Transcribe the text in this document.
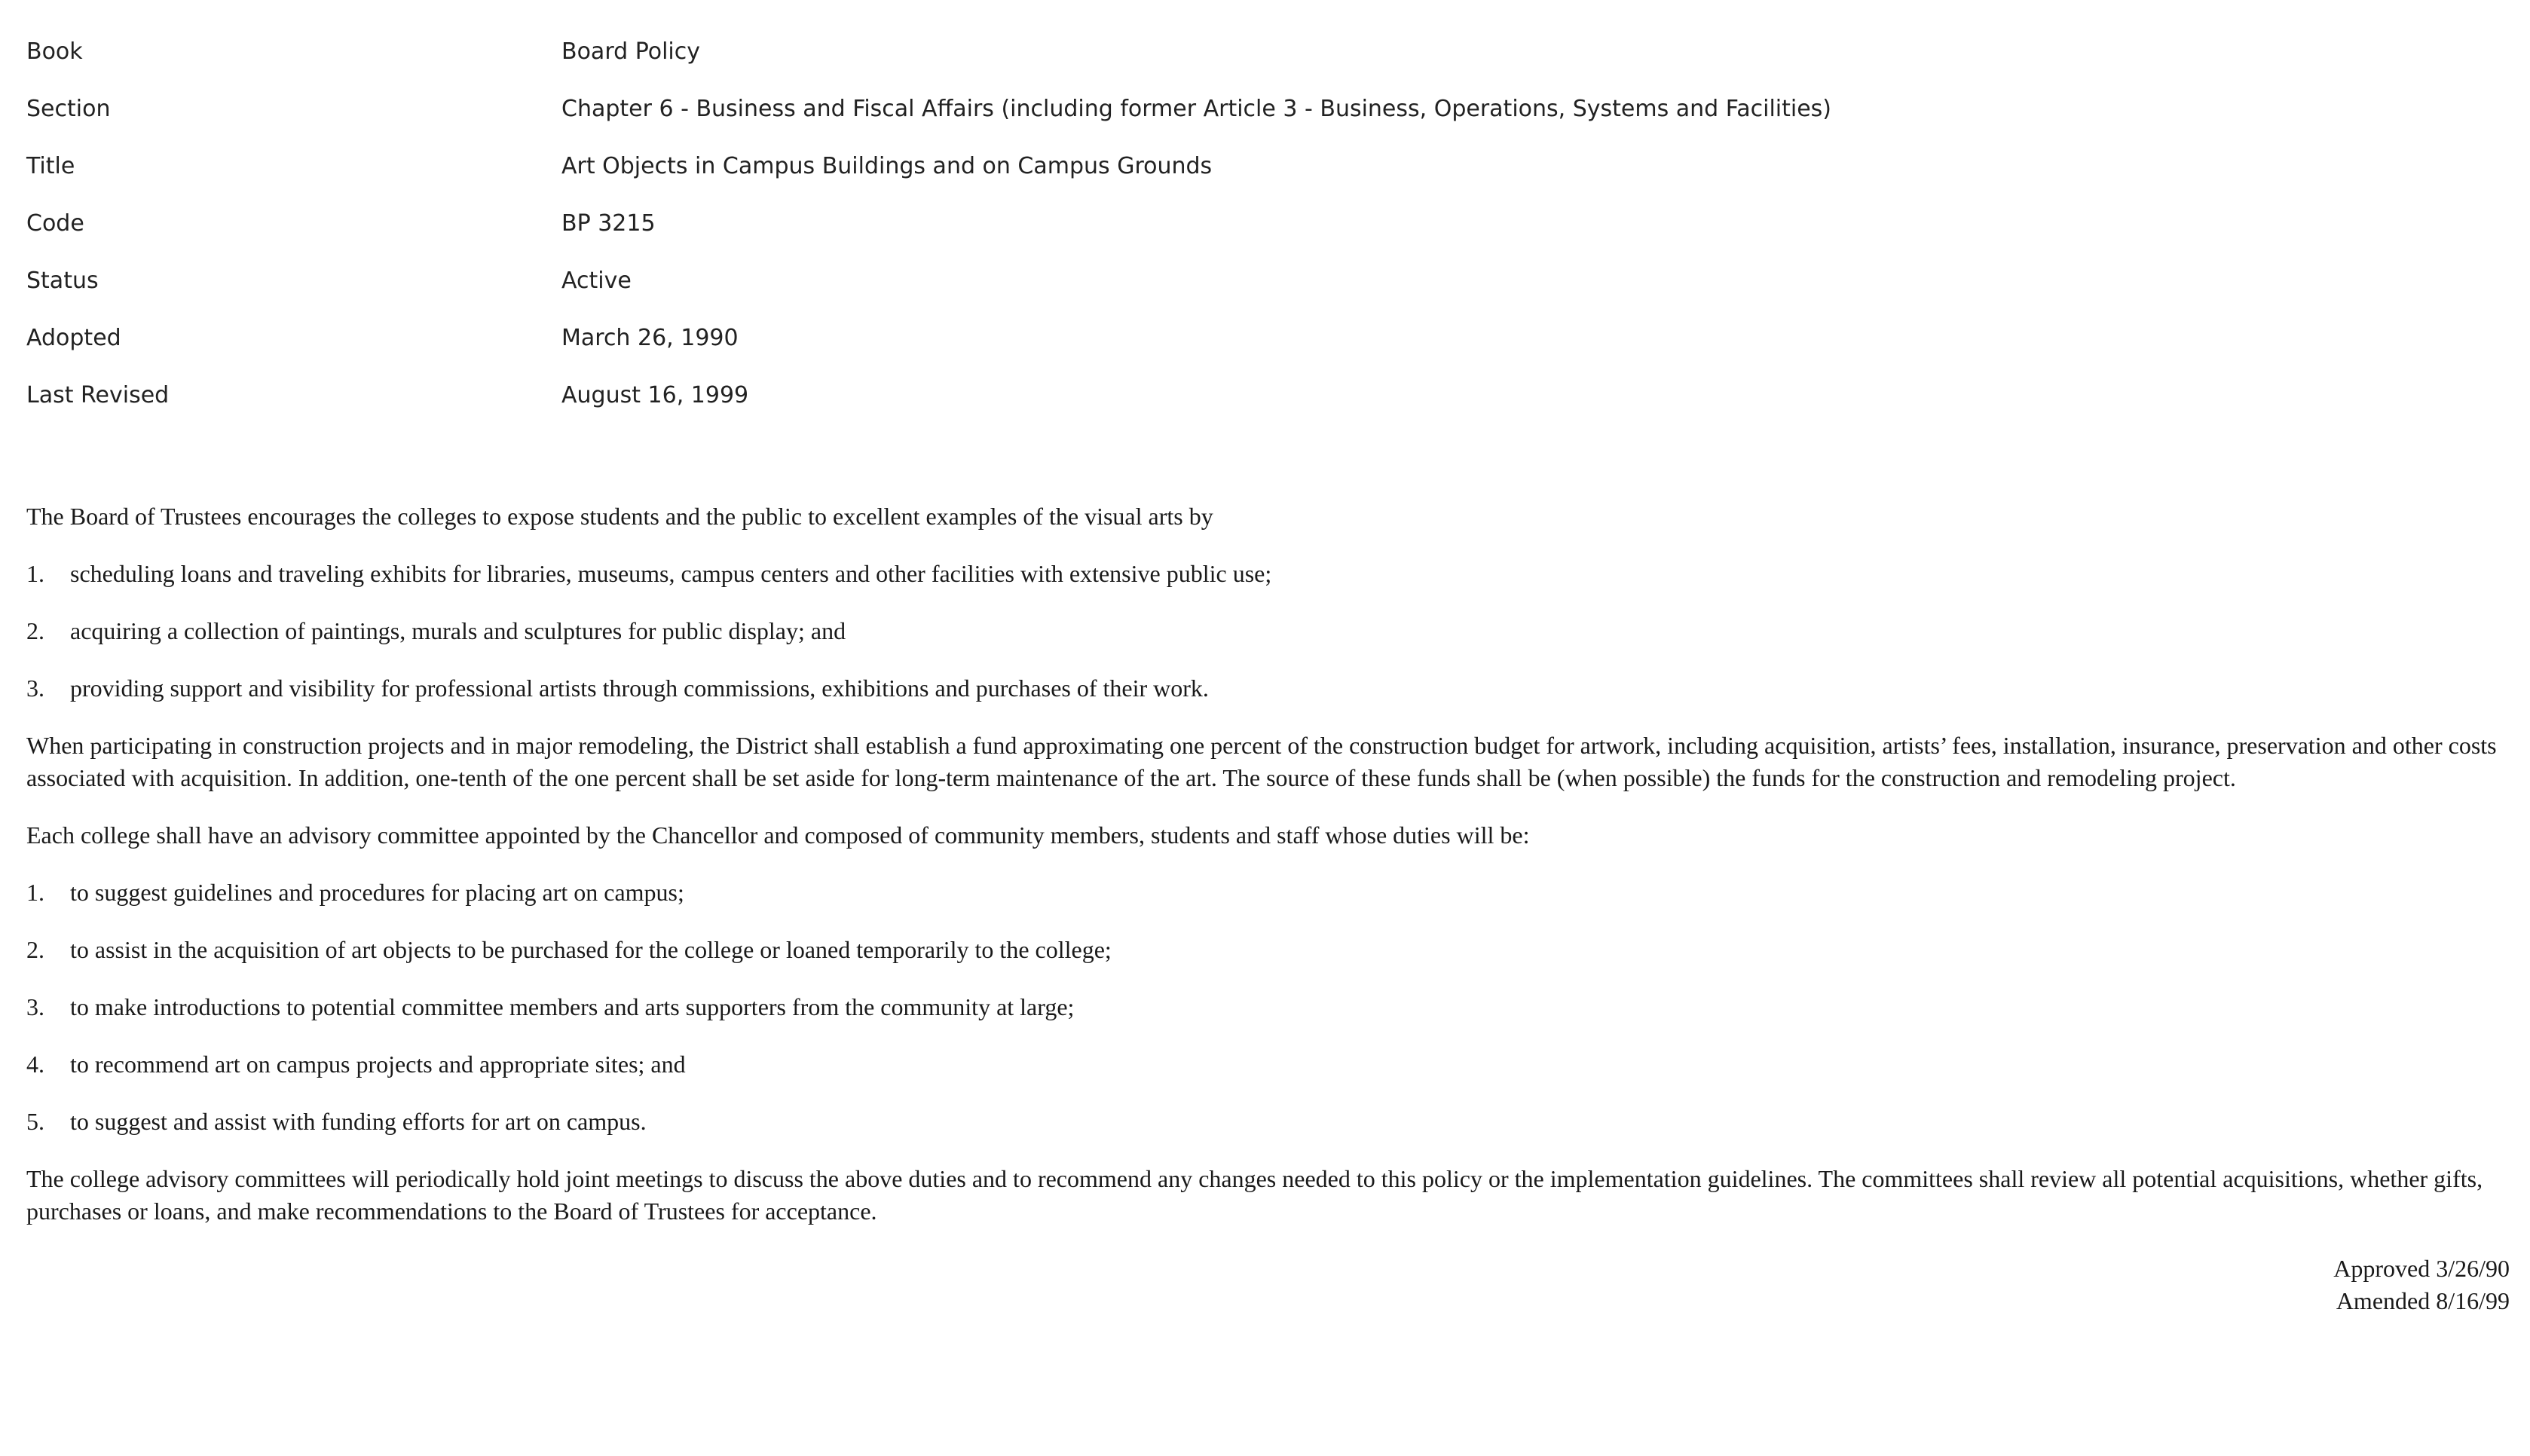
Book	Board Policy
Section	Chapter 6 - Business and Fiscal Affairs (including former Article 3 - Business, Operations, Systems and Facilities)
Title	Art Objects in Campus Buildings and on Campus Grounds
Code	BP 3215
Status	Active
Adopted	March 26, 1990
Last Revised	August 16, 1999

The Board of Trustees encourages the colleges to expose students and the public to excellent examples of the visual arts by

1.	scheduling loans and traveling exhibits for libraries, museums, campus centers and other facilities with extensive public use;
2.	acquiring a collection of paintings, murals and sculptures for public display; and
3.	providing support and visibility for professional artists through commissions, exhibitions and purchases of their work.

When participating in construction projects and in major remodeling, the District shall establish a fund approximating one percent of the construction budget for artwork, including acquisition, artists’ fees, installation, insurance, preservation and other costs associated with acquisition. In addition, one-tenth of the one percent shall be set aside for long-term maintenance of the art. The source of these funds shall be (when possible) the funds for the construction and remodeling project.

Each college shall have an advisory committee appointed by the Chancellor and composed of community members, students and staff whose duties will be:

1.	to suggest guidelines and procedures for placing art on campus;
2.	to assist in the acquisition of art objects to be purchased for the college or loaned temporarily to the college;
3.	to make introductions to potential committee members and arts supporters from the community at large;
4.	to recommend art on campus projects and appropriate sites; and
5.	to suggest and assist with funding efforts for art on campus.

The college advisory committees will periodically hold joint meetings to discuss the above duties and to recommend any changes needed to this policy or the implementation guidelines. The committees shall review all potential acquisitions, whether gifts, purchases or loans, and make recommendations to the Board of Trustees for acceptance.

Approved 3/26/90
Amended 8/16/99
